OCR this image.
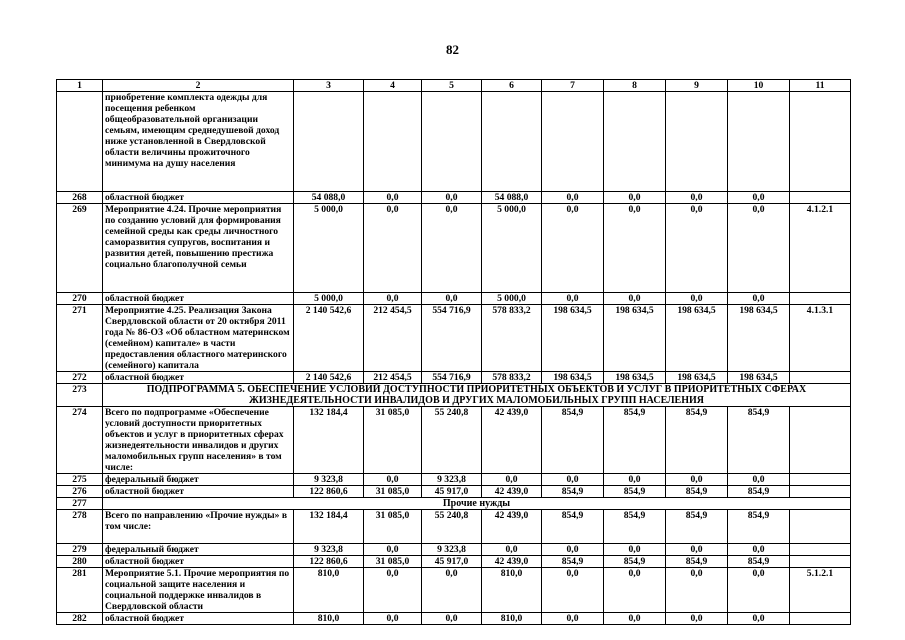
82
1	2	3	4	5	6	7	8	9	10	11
	приобретение комплекта одежды для посещения ребенком общеобразовательной организации семьям, имеющим среднедушевой доход ниже установленной в Свердловской области величины прожиточного минимума на душу населения									
268	областной бюджет	54 088,0	0,0	0,0	54 088,0	0,0	0,0	0,0	0,0	
269	Мероприятие 4.24. Прочие мероприятия по созданию условий для формирования семейной среды как среды личностного саморазвития супругов, воспитания и развития детей, повышению престижа социально благополучной семьи	5 000,0	0,0	0,0	5 000,0	0,0	0,0	0,0	0,0	4.1.2.1
270	областной бюджет	5 000,0	0,0	0,0	5 000,0	0,0	0,0	0,0	0,0	
271	Мероприятие 4.25. Реализация Закона Свердловской области от 20 октября 2011 года № 86-ОЗ «Об областном материнском (семейном) капитале» в части предоставления областного материнского (семейного) капитала	2 140 542,6	212 454,5	554 716,9	578 833,2	198 634,5	198 634,5	198 634,5	198 634,5	4.1.3.1
272	областной бюджет	2 140 542,6	212 454,5	554 716,9	578 833,2	198 634,5	198 634,5	198 634,5	198 634,5	
273	ПОДПРОГРАММА 5. ОБЕСПЕЧЕНИЕ УСЛОВИЙ ДОСТУПНОСТИ ПРИОРИТЕТНЫХ ОБЪЕКТОВ И УСЛУГ В ПРИОРИТЕТНЫХ СФЕРАХ ЖИЗНЕДЕЯТЕЛЬНОСТИ ИНВАЛИДОВ И ДРУГИХ МАЛОМОБИЛЬНЫХ ГРУПП НАСЕЛЕНИЯ									
274	Всего по подпрограмме «Обеспечение условий доступности приоритетных объектов и услуг в приоритетных сферах жизнедеятельности инвалидов и других маломобильных групп населения» в том числе:	132 184,4	31 085,0	55 240,8	42 439,0	854,9	854,9	854,9	854,9	
275	федеральный бюджет	9 323,8	0,0	9 323,8	0,0	0,0	0,0	0,0	0,0	
276	областной бюджет	122 860,6	31 085,0	45 917,0	42 439,0	854,9	854,9	854,9	854,9	
277	Прочие нужды									
278	Всего по направлению «Прочие нужды» в том числе:	132 184,4	31 085,0	55 240,8	42 439,0	854,9	854,9	854,9	854,9	
279	федеральный бюджет	9 323,8	0,0	9 323,8	0,0	0,0	0,0	0,0	0,0	
280	областной бюджет	122 860,6	31 085,0	45 917,0	42 439,0	854,9	854,9	854,9	854,9	
281	Мероприятие 5.1. Прочие мероприятия по социальной защите населения и социальной поддержке инвалидов в Свердловской области	810,0	0,0	0,0	810,0	0,0	0,0	0,0	0,0	5.1.2.1
282	областной бюджет	810,0	0,0	0,0	810,0	0,0	0,0	0,0	0,0	
